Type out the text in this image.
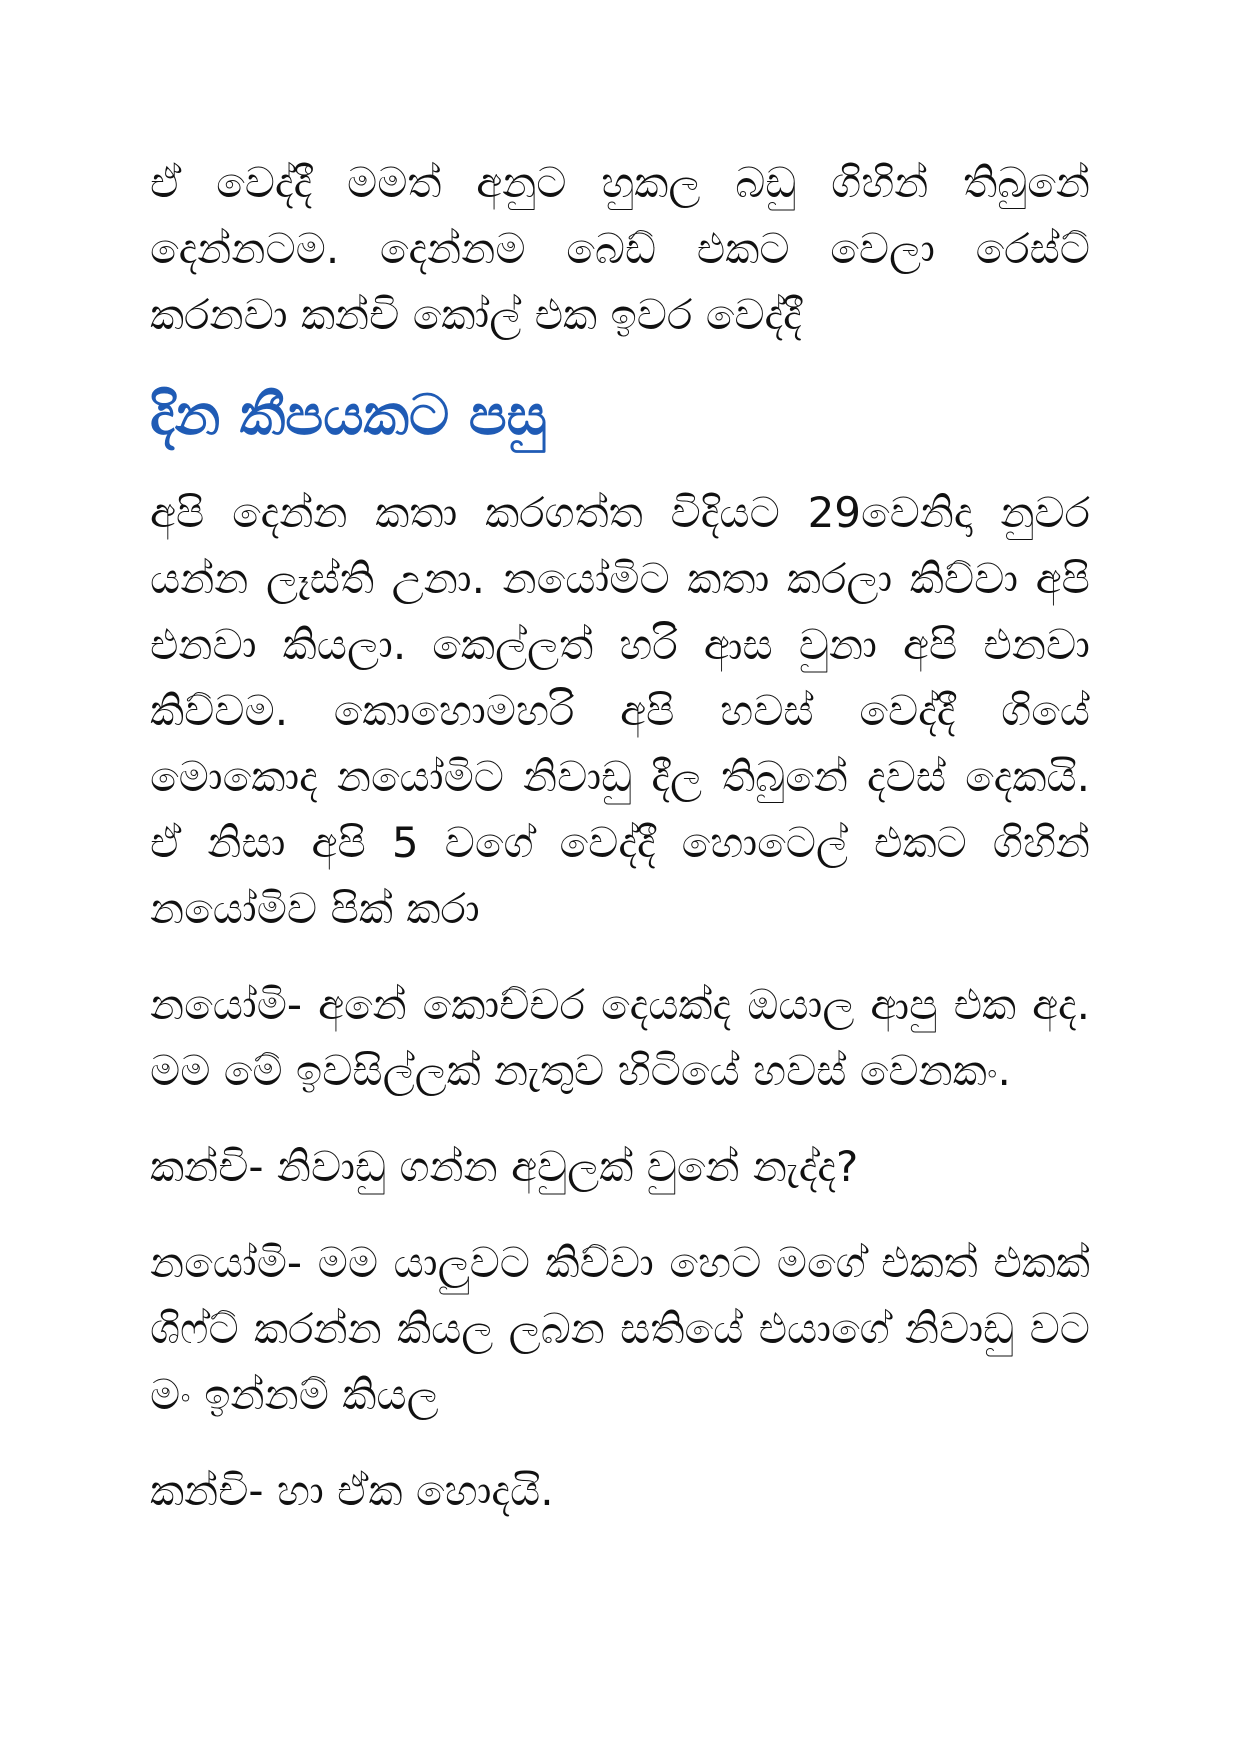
ඒ වෙද්දී මමත් අනුට හුකල බඩු ගිහින් තිබුනේ දෙන්නටම. දෙන්නම බෙඩ් එකට වෙලා රෙස්ට් කරනවා කන්චි කෝල් එක ඉවර වෙද්දී

දින කීපයකට පසු

අපි දෙන්න කතා කරගත්ත විදියට 29වෙනිදා නුවර යන්න ලෑස්ති උනා. නයෝමිට කතා කරලා කිව්වා අපි එනවා කියලා. කෙල්ලත් හරි ආස වුනා අපි එනවා කිව්වම. කොහොමහරි අපි හවස් වෙද්දී ගියේ මොකොද නයෝමිට නිවාඩු දීල තිබුනේ දවස් දෙකයි. ඒ නිසා අපි 5 වගේ වෙද්දී හොටෙල් එකට ගිහින් නයෝමිව පික් කරා

නයෝමි- අනේ කොච්චර දෙයක්ද ඔයාල ආපු එක අද. මම මේ ඉවසිල්ලක් නැතුව හිටියේ හවස් වෙනකං.

කන්චි- නිවාඩු ගන්න අවුලක් වුනේ නැද්ද?

නයෝමි- මම යාලුවට කිව්වා හෙට මගේ එකත් එකක් ශිෆ්ට් කරන්න කියල ලබන සතියේ එයාගේ නිවාඩු වට මං ඉන්නම් කියල

කන්චි- හා ඒක හොදයි.
